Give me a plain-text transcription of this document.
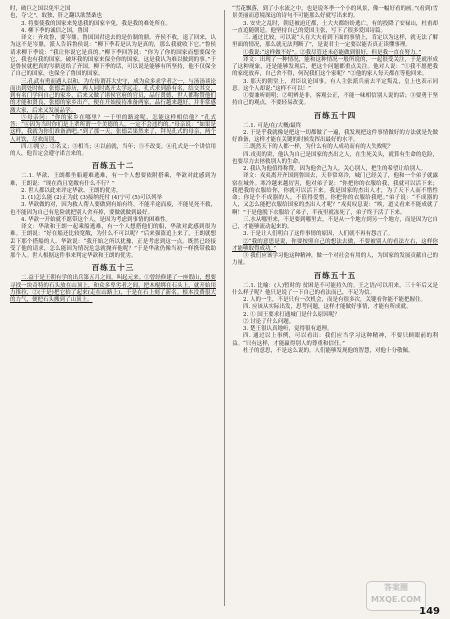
时，破巨之国以免牢之国

也，夺'之"，取独，肝之翻以欲禁桑也

3. 将要使我的国家来免患我的国家辛免，我是我的难处所在。

4. 柳下季的诚信之国，鲁国

译文：齐攻鲁，要岑鼎。鲁国国君送去的是仿制的鼎。齐侯不收，退了回来，认为这不是岑鼎，派人告诉鲁侯说：“柳下季若是认为是真的，那么我就收下它。”鲁侯请求柳下季说：“我让你说它是真的。”柳下季回答说：“你为了你的国家而想要保全它，我也有我的国家。破坏我的国家来保全你的国家，这是我认为难以做到的事。”于是鲁侯就把真的岑鼎送给了齐国。柳下季的话，可以说是能够有所坚持，他不仅保全了自己的国家，也保全了鲁国的国家。

三.孔武有勇而遇人以和，为左传谓苏大史守，成为众多求学者之一，与汤汤谈论而出到处时候，张德芸游历，两人同时离开太学远走，孔式求到游有名，结交其交，到有名门学问自己的家乡，后来又做了诸侯官府的官员，品行贤德，世人都称赞他们的才能和贤良，张德的家乡出产，便在开始接待准备两家，品行越来越好，并非常感激大家，后来又发展品学。

⑤母亲问：“你的家乡在哪里？一千里的路途呢，怎能这样相信他？”孔式答：“⑥因为当时你们是上辈所谓一个美德的人，一定不会违约的。”母亲说：“如果是这样，我就为你们准备酒吧。”到了那一天，张德芸果然来了，拜见孔式的母亲，两个人对饮，尽欢而别。

四.①拥立；②名义；③相当；④以前就，当年；⑤不改变。⑥孔式是一个讲信用的人，他肯定会遵守诺言来的。

百练五十二

二.1. 华歆、王朗都坐船避难逃难，有一个人想要依附搭乘，华歆对此感到为难，王朗说：“现在尚且宽敞有什么不行？”

2. 世人都以此来评定华歆、王朗的优劣。

3. (1)怎么能 (2)正为此 (3)接纳托付 (4)宁可 (5)可以列举

3. 华歆做的对，因为救人帮人要做到有始有终，不能半途而废，不能见死不救，也不能因为自己有危险就把别人舍弃掉，要做就做到最好。

4. 华歆一开始就不愿带这个人，是因为考虑到事情的困难性。

译文：华歆和王朗一起乘船逃难，有一个人想搭他们的船，华歆对此感到很为难。王朗说：“好在船还比较宽敞，为什么不可以呢？”后来强盗追上来了，王朗就想丢下那个搭船的人。华歆说：“我开始之所以犹豫，正是考虑到这一点。既然已经接受了他的请求，怎么能因为情况危急就抛弃他呢？”于是华歆仍像当初一样携带救助那个人。世人根据这件事来判定华歆和王朗的优劣。

百练五十三

二.益于是王朝有学的出兵第五月之间，叫起元来。①曾经修建了一座假山，想要寻找一块奇特的石头放在山顶上，和众多卑劣者之间，把木棍绑在石头上，就开始用力推拉，②(于是)把它抬了起来(走在山路上)，于是在石上刻了新名。根本没费很大的力气，便把石头搬到了山顶上。

“雪花飘落，到了小水流之中，也是说冬季一个小的风景，像一幅好看的画。”(看到)雪景美丽而意境深远的诗句不可能那么好就写出来的。

3. 安史之乱时，朝廷被迫迁都，士大夫都纷纷逃亡，有的投降了安禄山，杜甫却一直追随朝廷。他坚持自己的爱国主张，写下了很多爱国诗篇。

三. 通过比较，可以说“人在大夫看到下面的事情上，肯定以为这样，就无法了解里面的情况，那么就无法判断了”，是说君主一定要以能否真正读懂事理。

①我说:“这样做不好”。②我尽管还未必能做到很好，但是我一直在努力。”

译文：出现了一种情况，能和这种情况一般所说的，一起很受关注，于是就形成了这种现象，还是能够发现后，把这个问题都重点关注。他对人说：“①我不愿把我的家庭放弃，自己舍不得，何况我们这个家呢？”②他的家人每天都在等他回来。

3. 那天的朝堂上，君臣议论国事，有人主张派兵前去平定叛乱，皇上也表示同意。这个人却说:“这样不可以！”

①要兼听则明；②明辨是非，客观公正，不能一味相信别人说的话；③要勇于坚持自己的观点，不要轻易改变。

百练五十四

二.1. 可是/在/大概/最终

2. 于是乎我就像是把这一切都做了一遍，我发现把这件事情做好的方法就是先做好准备，这样才能在关键的时候发挥出最好的水平。

三.既然天下的人都一样，为什么有的人成功而有的人失败呢？

四.戎夷的讲，他认为自己是国家的杰出之人，在生死关头，就算有生命的危险，也要尽力去拯救别人的生命。

2. 我认为他值得称赞，因为他舍己为人，关心别人，把生的希望让给别人。

译文：戎夷离开齐国到鲁国去，天非常寒冷，城门已经关了，他和一个弟子就露宿在城外。寒冷越来越厉害，他对弟子说：“你把你的衣服给我，我就可以活下来；我把我的衣服给你，你就可以活下来。我是国家的杰出人才，为了天下人而不惜性命；你是个不成器的人，不值得爱惜。你把你的衣服给我吧。”弟子说：“不成器的人，又怎么能把衣服给国家的杰出人才呢？”戎夷叹息说：“唉，道义看来不能成就了啊！”于是他脱下衣服给了弟子，半夜里就冻死了，弟子终于活了下来。

三.水从哪里来，不是要到哪里去，不是从一个地方到另一个地方，而是因为它自己，才能够流动起来的。

3. 于是让人们明白了这件事情的原因，人们就不再有怨言了。

②“我的意思是说，你要按照自己的想法去做，不要被别人的看法左右，这样你才能够取得成功。”

③ 我们应该学习他这种精神，做一个对社会有用的人，为国家的发展贡献自己的力量。

百练五十五

二.1. 比喻：(人)暂时的 贫困是不可能持久的。王之语/可以用来，三十年后又是什么样子呢？他只是说了一下自己的看法而已，不足为信。

2. 人的一生，不是只有一次机会，而是有很多次，关键看你能不能把握住。

四. 应该从实际出发，思考问题，这样才能做好事情，才能有所成就。

2. ① 国王要求打通城门是什么原因呢？

② 讨论了什么问题。

3. 楚王很认真地听，觉得很有道理。

四. 通过以上事例，可以看出：我们应当学习这种精神，不要只顾眼前的利益。“只有这样，才能赢得别人的尊重和信任。”

杜子的意思，不是这么说的。人们能够发现他的智慧，对他十分敬佩。

答案圈
MXQE.COM
149
